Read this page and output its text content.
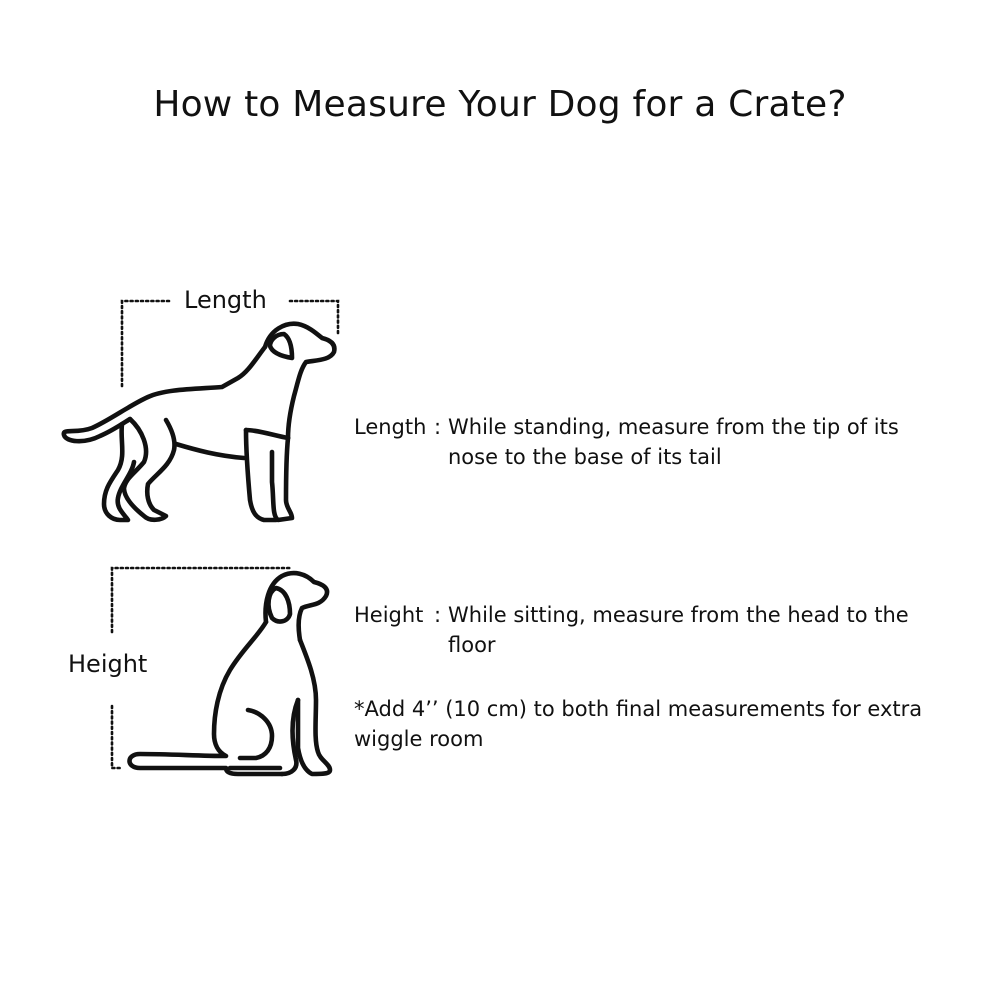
How to Measure Your Dog for a Crate?
Length
Height
Length : While standing, measure from the tip of its nose to the base of its tail
Height : While sitting, measure from the head to the floor
*Add 4’’ (10 cm) to both final measurements for extra wiggle room
